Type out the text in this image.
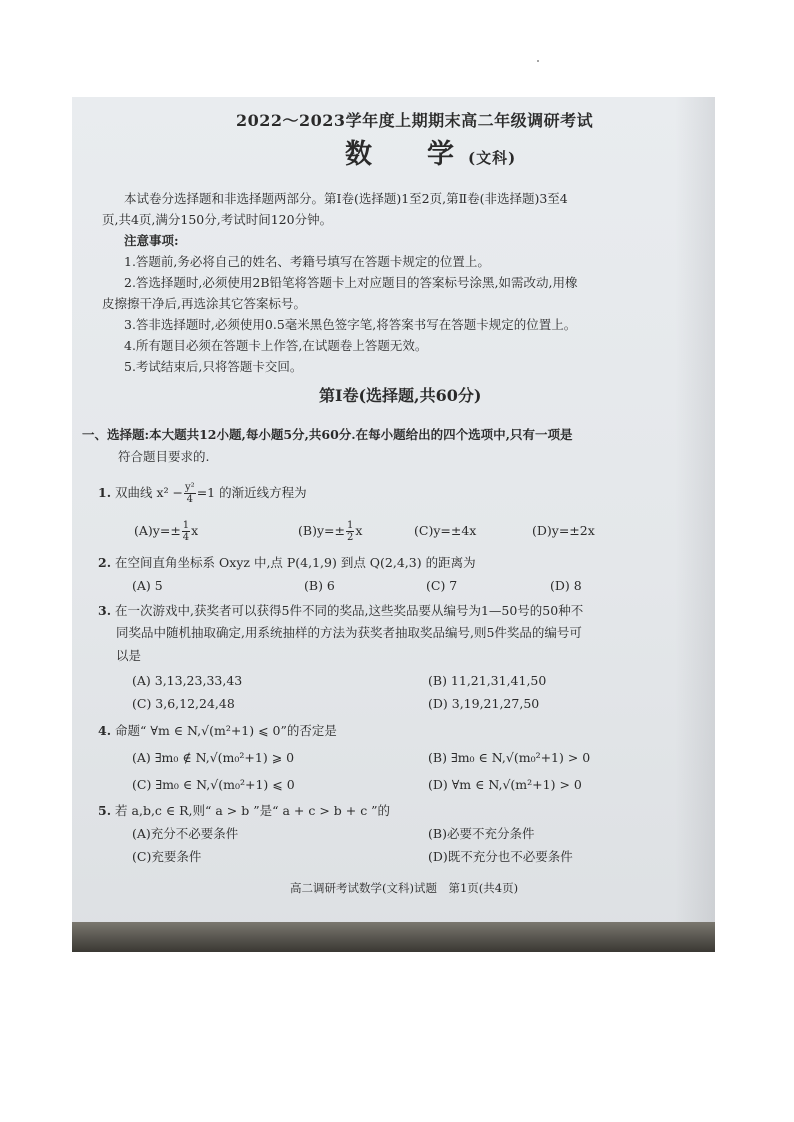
2022～2023学年度上期期末高二年级调研考试
数　学(文科)
本试卷分选择题和非选择题两部分。第Ⅰ卷(选择题)1至2页,第Ⅱ卷(非选择题)3至4
页,共4页,满分150分,考试时间120分钟。
注意事项:
1.答题前,务必将自己的姓名、考籍号填写在答题卡规定的位置上。
2.答选择题时,必须使用2B铅笔将答题卡上对应题目的答案标号涂黑,如需改动,用橡
皮擦擦干净后,再选涂其它答案标号。
3.答非选择题时,必须使用0.5毫米黑色签字笔,将答案书写在答题卡规定的位置上。
4.所有题目必须在答题卡上作答,在试题卷上答题无效。
5.考试结束后,只将答题卡交回。
第Ⅰ卷(选择题,共60分)
一、选择题:本大题共12小题,每小题5分,共60分.在每小题给出的四个选项中,只有一项是
符合题目要求的.
1. 双曲线 $x^2 - \frac{\text{y²}}{4} =1$ 的渐近线方程为
$(A)y=\pm \frac{1}{4}$ x	$(B)y=\pm \frac{1}{2}$ x	(C)y=±4x	(D)y=±2x
2. 在空间直角坐标系 Oxyz 中,点 P(4,1,9) 到点 Q(2,4,3) 的距离为
(A) 5	(B) 6	(C) 7	(D) 8
3. 在一次游戏中,获奖者可以获得5件不同的奖品,这些奖品要从编号为1—50号的50种不
同奖品中随机抽取确定,用系统抽样的方法为获奖者抽取奖品编号,则5件奖品的编号可
以是
(A) 3,13,23,33,43	(B) 11,21,31,41,50
(C) 3,6,12,24,48	(D) 3,19,21,27,50
4. 命题“ ∀m ∈ N,√(m²+1) ⩽ 0”的否定是
(A) ∃m₀ ∉ N,√(m₀²+1) ⩾ 0	(B) ∃m₀ ∈ N,√(m₀²+1) > 0
(C) ∃m₀ ∈ N,√(m₀²+1) ⩽ 0	(D) ∀m ∈ N,√(m²+1) > 0
5. 若 a,b,c ∈ R,则“ a > b ”是“ a + c > b + c ”的
(A)充分不必要条件	(B)必要不充分条件
(C)充要条件	(D)既不充分也不必要条件
高二调研考试数学(文科)试题　第1页(共4页)
